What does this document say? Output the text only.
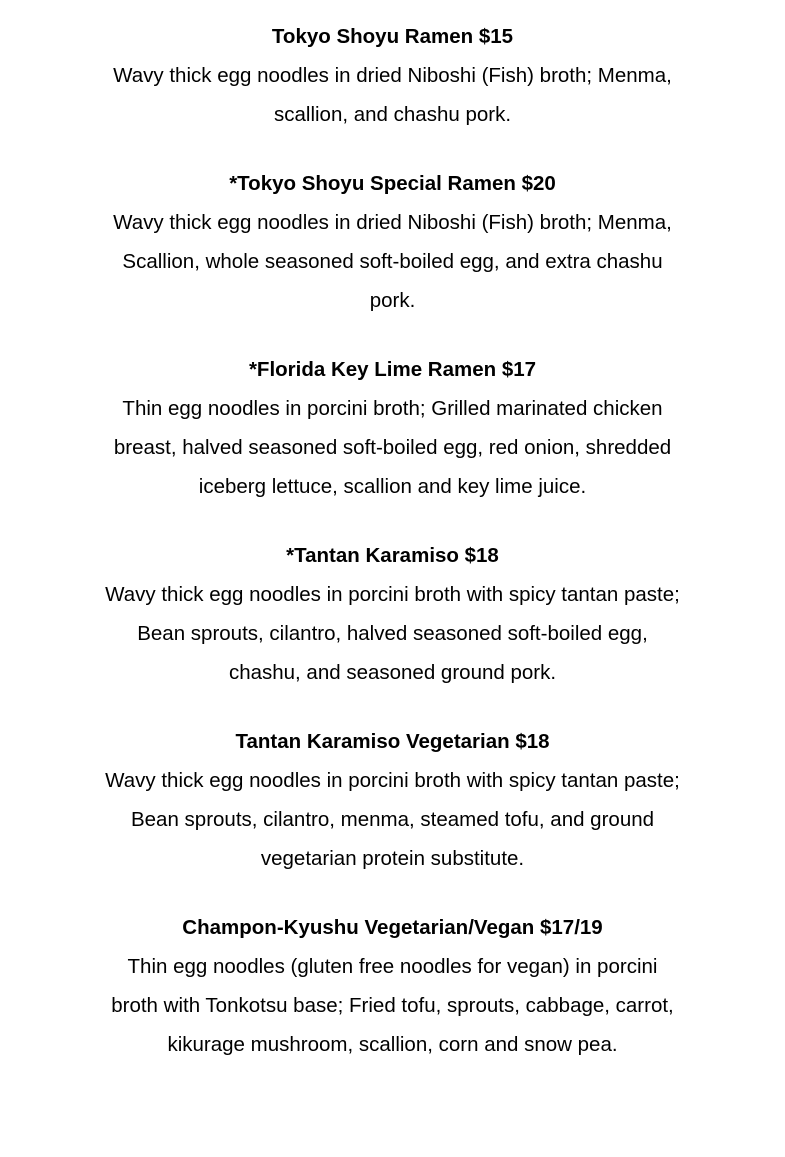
Tokyo Shoyu Ramen $15
Wavy thick egg noodles in dried Niboshi (Fish) broth; Menma, scallion, and chashu pork.
*Tokyo Shoyu Special Ramen $20
Wavy thick egg noodles in dried Niboshi (Fish) broth; Menma, Scallion, whole seasoned soft-boiled egg, and extra chashu pork.
*Florida Key Lime Ramen $17
Thin egg noodles in porcini broth; Grilled marinated chicken breast, halved seasoned soft-boiled egg, red onion, shredded iceberg lettuce, scallion and key lime juice.
*Tantan Karamiso $18
Wavy thick egg noodles in porcini broth with spicy tantan paste; Bean sprouts, cilantro, halved seasoned soft-boiled egg, chashu, and seasoned ground pork.
Tantan Karamiso Vegetarian $18
Wavy thick egg noodles in porcini broth with spicy tantan paste; Bean sprouts, cilantro, menma, steamed tofu, and ground vegetarian protein substitute.
Champon-Kyushu Vegetarian/Vegan $17/19
Thin egg noodles (gluten free noodles for vegan) in porcini broth with Tonkotsu base; Fried tofu, sprouts, cabbage, carrot, kikurage mushroom, scallion, corn and snow pea.
